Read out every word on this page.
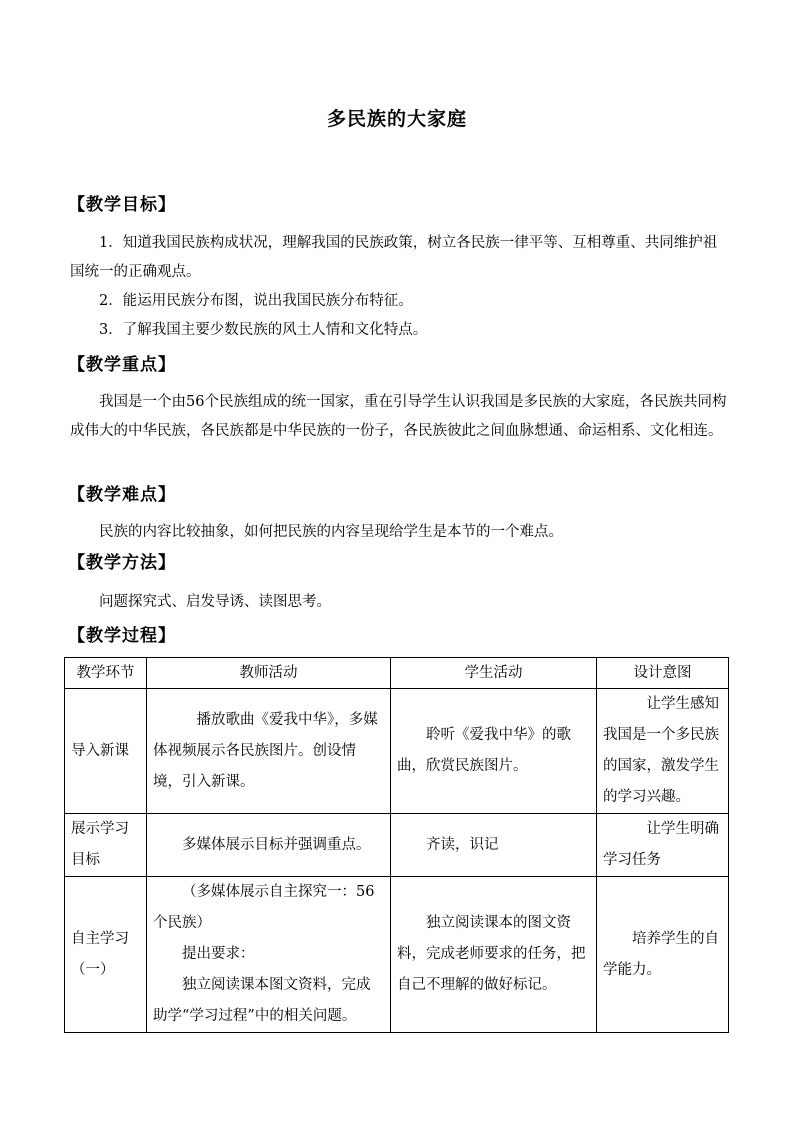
多民族的大家庭
【教学目标】

1．知道我国民族构成状况，理解我国的民族政策，树立各民族一律平等、互相尊重、共同维护祖国统一的正确观点。

2．能运用民族分布图，说出我国民族分布特征。

3．了解我国主要少数民族的风土人情和文化特点。

【教学重点】

我国是一个由56个民族组成的统一国家，重在引导学生认识我国是多民族的大家庭，各民族共同构成伟大的中华民族，各民族都是中华民族的一份子，各民族彼此之间血脉想通、命运相系、文化相连。

【教学难点】

民族的内容比较抽象，如何把民族的内容呈现给学生是本节的一个难点。

【教学方法】

问题探究式、启发导诱、读图思考。

【教学过程】
教学环节	教师活动	学生活动	设计意图
导入新课	播放歌曲《爱我中华》，多媒体视频展示各民族图片。创设情境，引入新课。	聆听《爱我中华》的歌曲，欣赏民族图片。	让学生感知我国是一个多民族的国家，激发学生的学习兴趣。

展示学习目标	多媒体展示目标并强调重点。	齐读，识记	让学生明确学习任务

自主学习（一）	（多媒体展示自主探究一：56个民族）
提出要求：
独立阅读课本图文资料，完成助学“学习过程”中的相关问题。	独立阅读课本的图文资料，完成老师要求的任务，把自己不理解的做好标记。	培养学生的自学能力。
